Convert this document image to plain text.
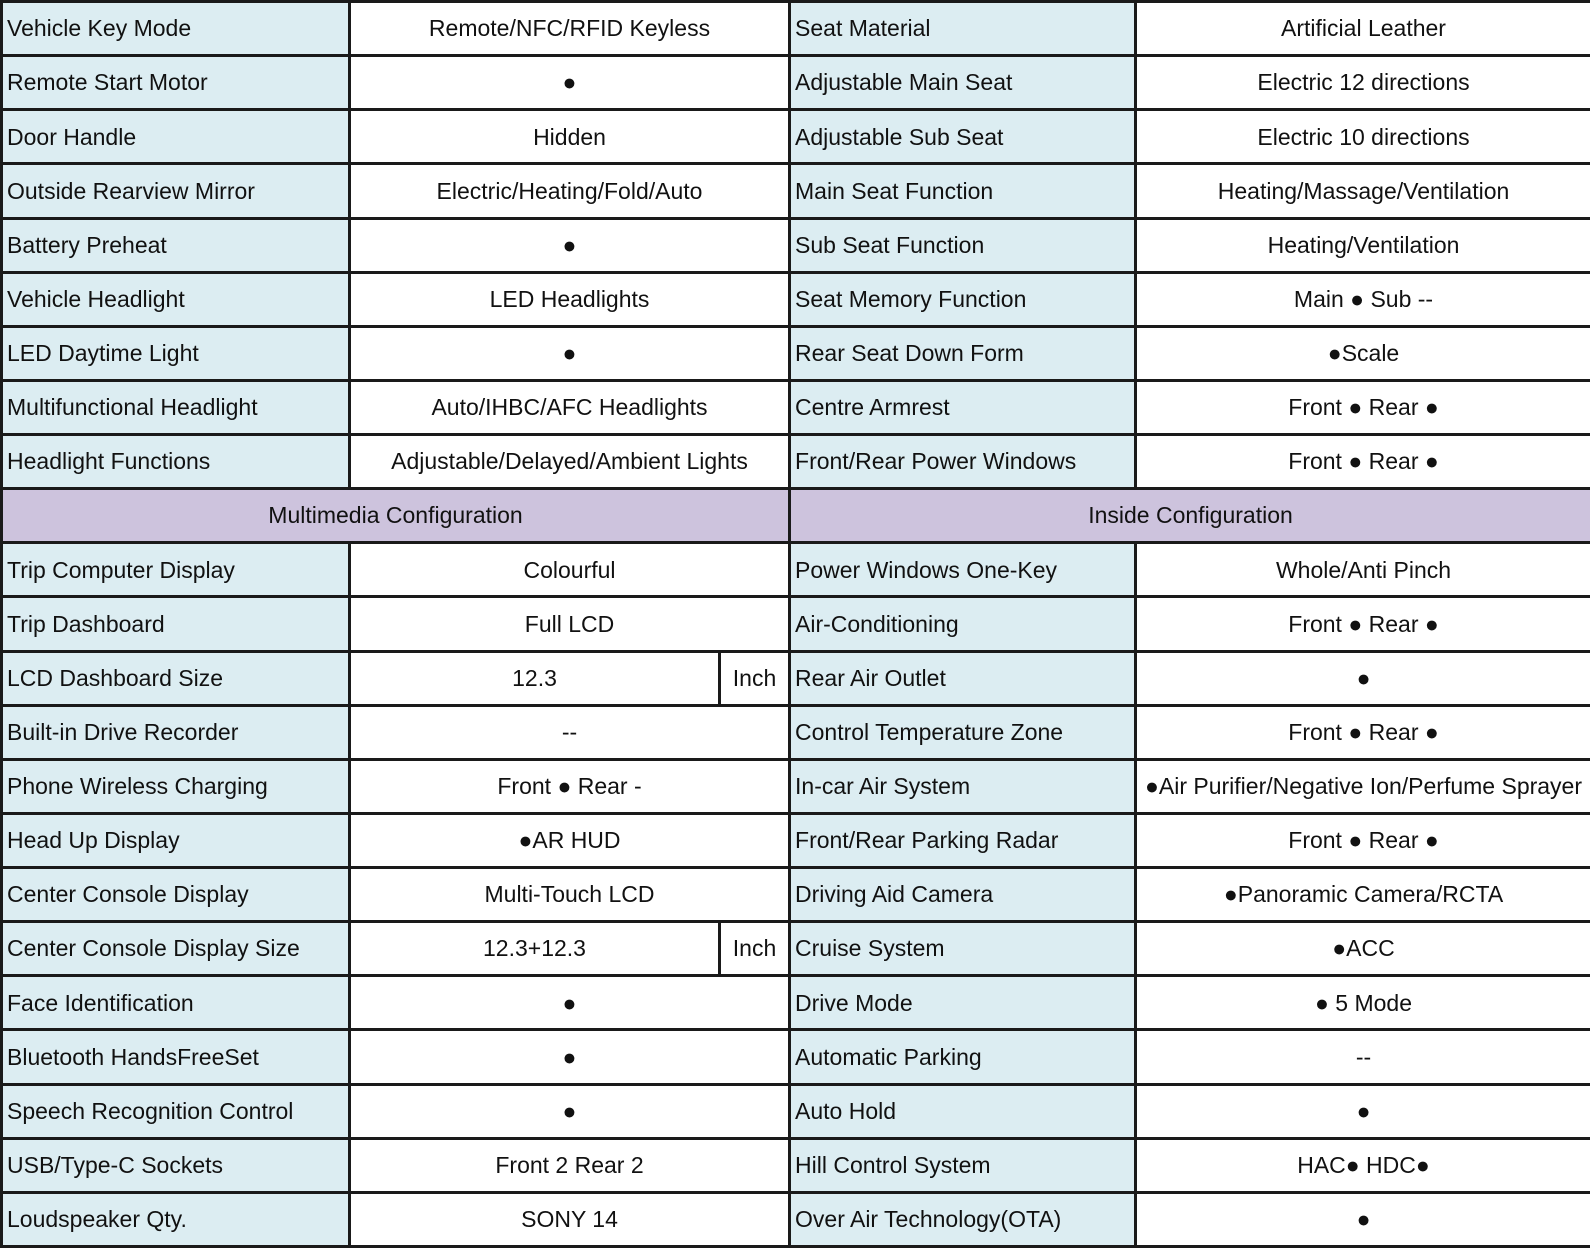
Vehicle Key Mode	Remote/NFC/RFID Keyless		Seat Material	Artificial Leather
Remote Start Motor	●		Adjustable Main Seat	Electric 12 directions
Door Handle	Hidden		Adjustable Sub Seat	Electric 10 directions
Outside Rearview Mirror	Electric/Heating/Fold/Auto		Main Seat Function	Heating/Massage/Ventilation
Battery Preheat	●		Sub Seat Function	Heating/Ventilation
Vehicle Headlight	LED Headlights		Seat Memory Function	Main ● Sub --
LED Daytime Light	●		Rear Seat Down Form	●Scale
Multifunctional Headlight	Auto/IHBC/AFC Headlights		Centre Armrest	Front ● Rear ●
Headlight Functions	Adjustable/Delayed/Ambient Lights		Front/Rear Power Windows	Front ● Rear ●
Multimedia Configuration			Inside Configuration	
Trip Computer Display	Colourful		Power Windows One-Key	Whole/Anti Pinch
Trip Dashboard	Full LCD		Air-Conditioning	Front ● Rear ●
LCD Dashboard Size	12.3	Inch	Rear Air Outlet	●
Built-in Drive Recorder	--		Control Temperature Zone	Front ● Rear ●
Phone Wireless Charging	Front ● Rear -		In-car Air System	●Air Purifier/Negative Ion/Perfume Sprayer
Head Up Display	●AR HUD		Front/Rear Parking Radar	Front ● Rear ●
Center Console Display	Multi-Touch LCD		Driving Aid Camera	●Panoramic Camera/RCTA
Center Console Display Size	12.3+12.3	Inch	Cruise System	●ACC
Face Identification	●		Drive Mode	● 5 Mode
Bluetooth HandsFreeSet	●		Automatic Parking	--
Speech Recognition Control	●		Auto Hold	●
USB/Type-C Sockets	Front 2 Rear 2		Hill Control System	HAC● HDC●
Loudspeaker Qty.	SONY 14		Over Air Technology(OTA)	●
